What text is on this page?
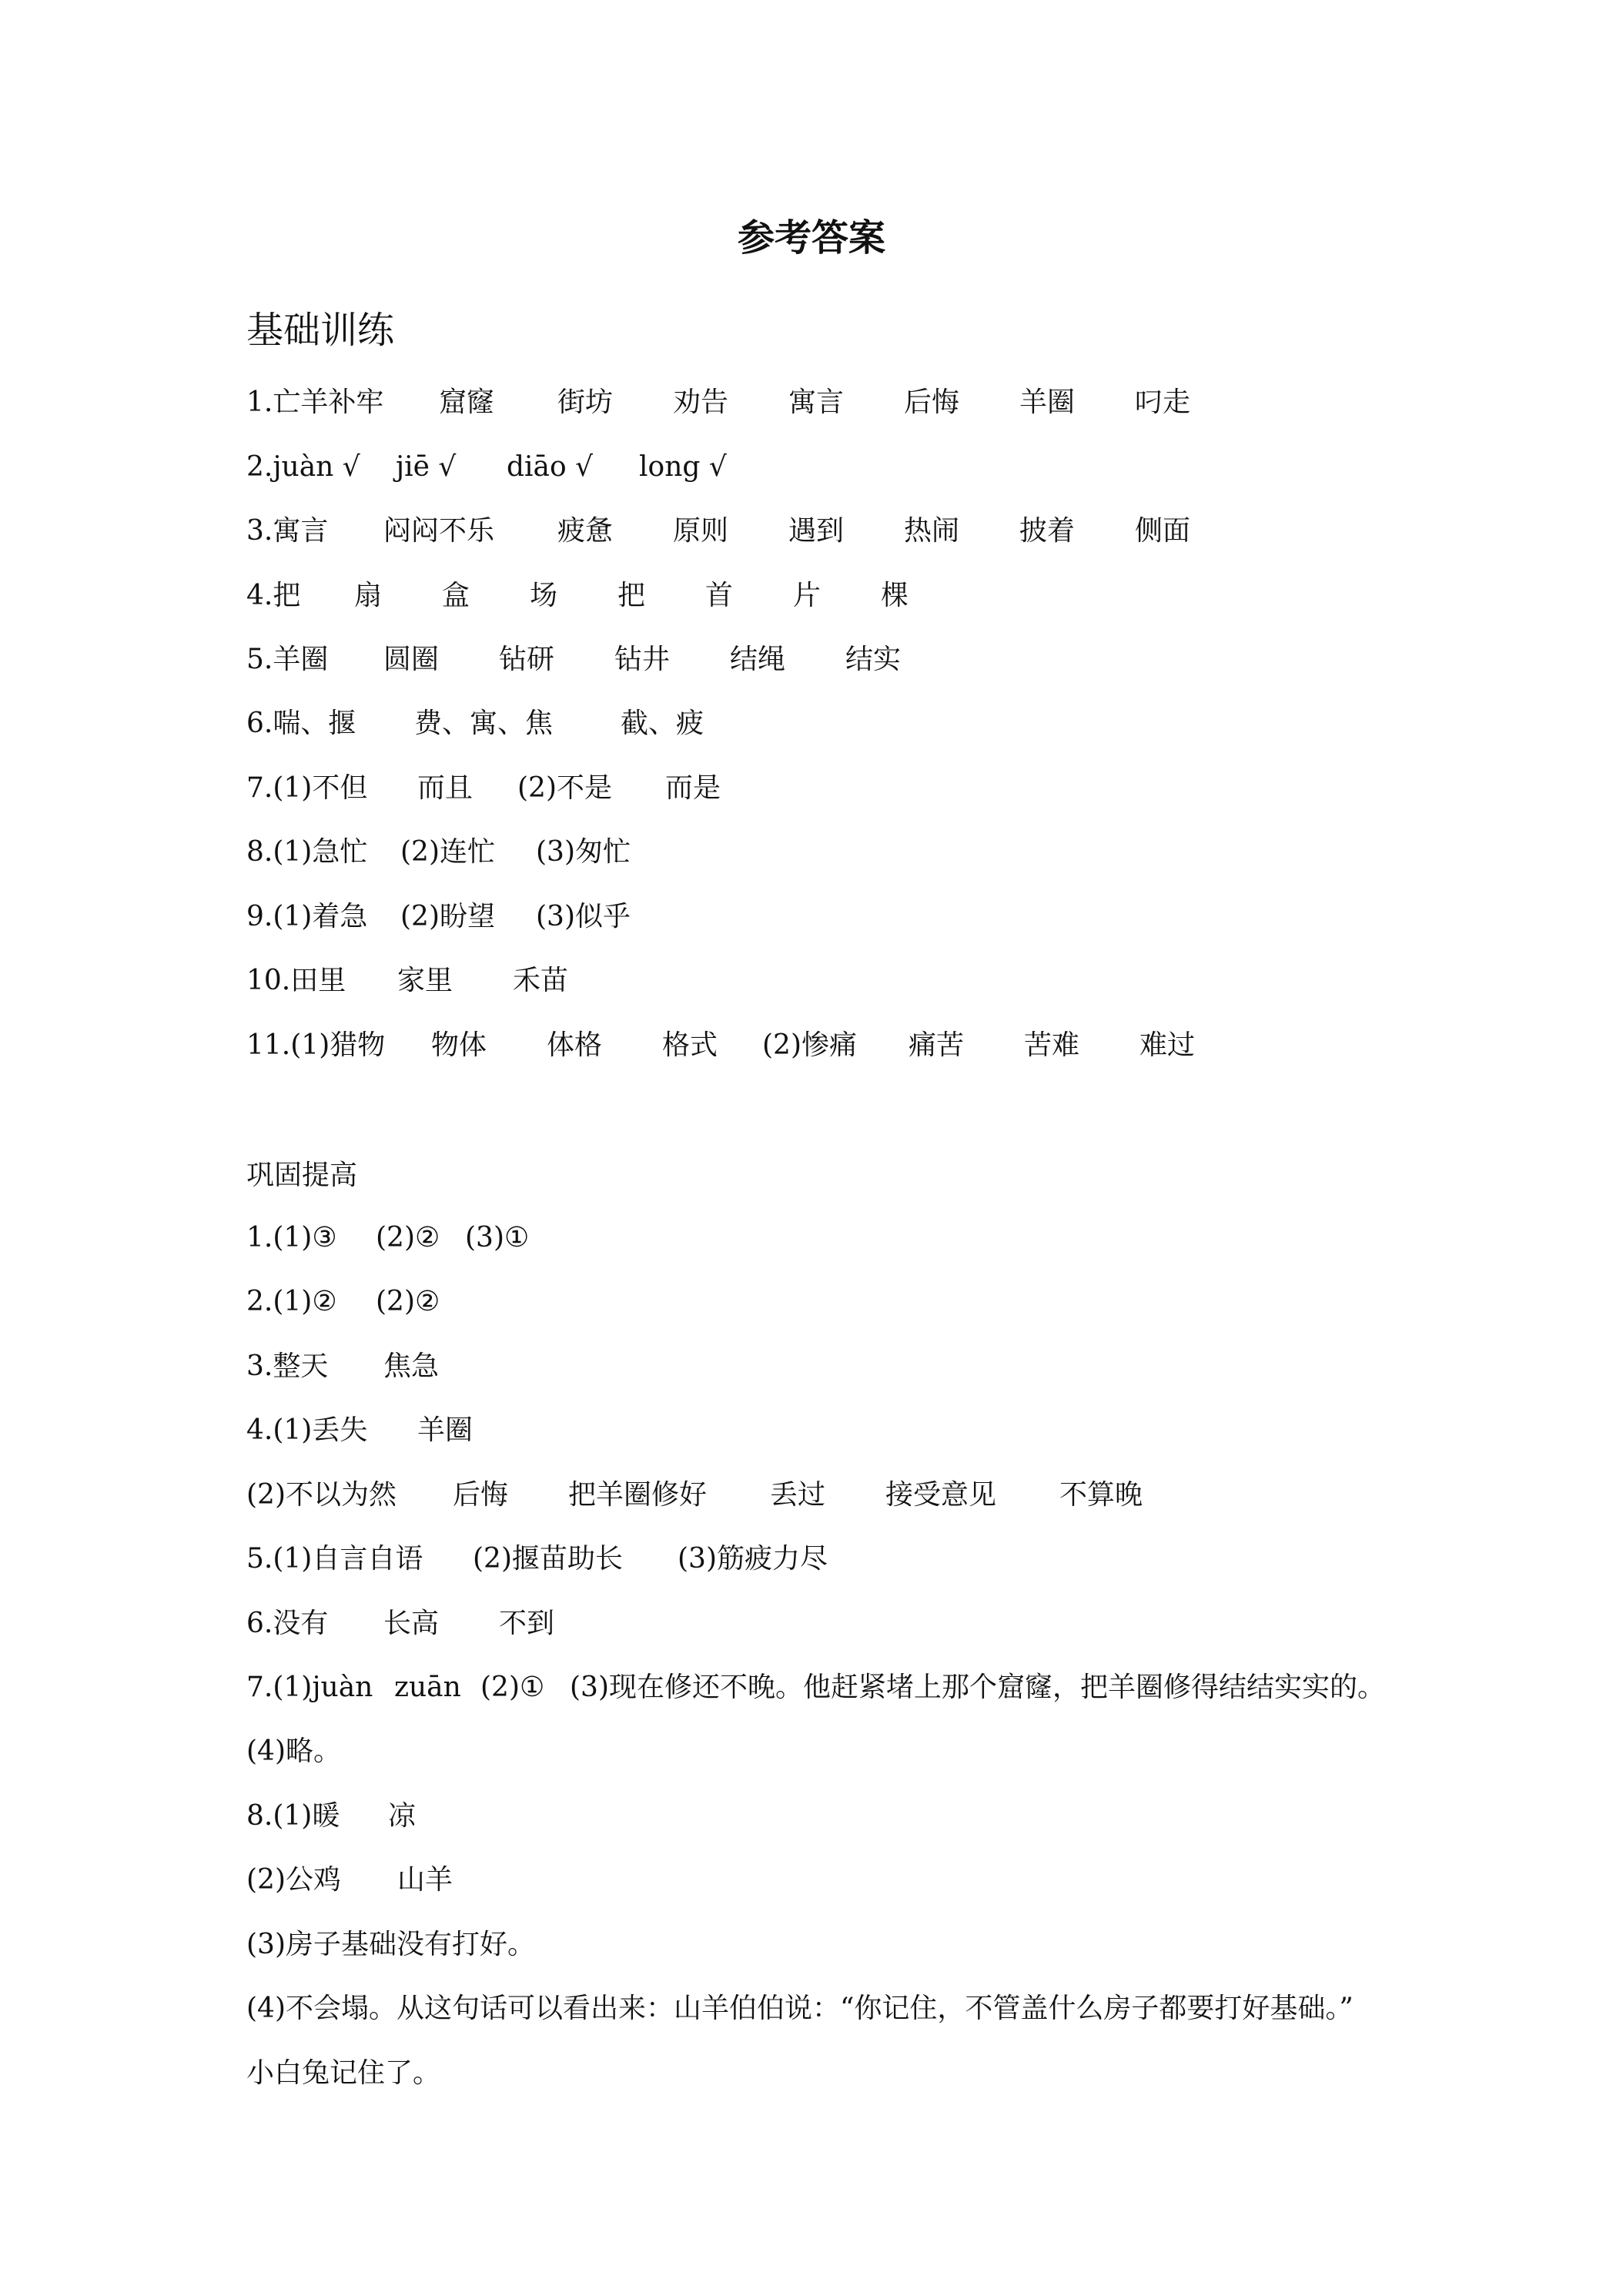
参考答案
基础训练
1.亡羊补牢 窟窿 街坊 劝告 寓言 后悔 羊圈 叼走
2.juàn √ jiē √ diāo √ long √
3.寓言 闷闷不乐 疲惫 原则 遇到 热闹 披着 侧面
4.把 扇 盒 场 把 首 片 棵
5.羊圈 圆圈 钻研 钻井 结绳 结实
6.喘、揠 费、寓、焦 截、疲
7.(1)不但 而且 (2)不是 而是
8.(1)急忙 (2)连忙 (3)匆忙
9.(1)着急 (2)盼望 (3)似乎
10.田里 家里 禾苗
11.(1)猎物 物体 体格 格式 (2)惨痛 痛苦 苦难 难过
巩固提高
1.(1)③ (2)② (3)①
2.(1)② (2)②
3.整天 焦急
4.(1)丢失 羊圈
(2)不以为然 后悔 把羊圈修好 丢过 接受意见 不算晚
5.(1)自言自语 (2)揠苗助长 (3)筋疲力尽
6.没有 长高 不到
7.(1)juàn zuān (2)① (3)现在修还不晚。他赶紧堵上那个窟窿，把羊圈修得结结实实的。
(4)略。
8.(1)暖 凉
(2)公鸡 山羊
(3)房子基础没有打好。
(4)不会塌。从这句话可以看出来：山羊伯伯说：“你记住，不管盖什么房子都要打好基础。”
小白兔记住了。
